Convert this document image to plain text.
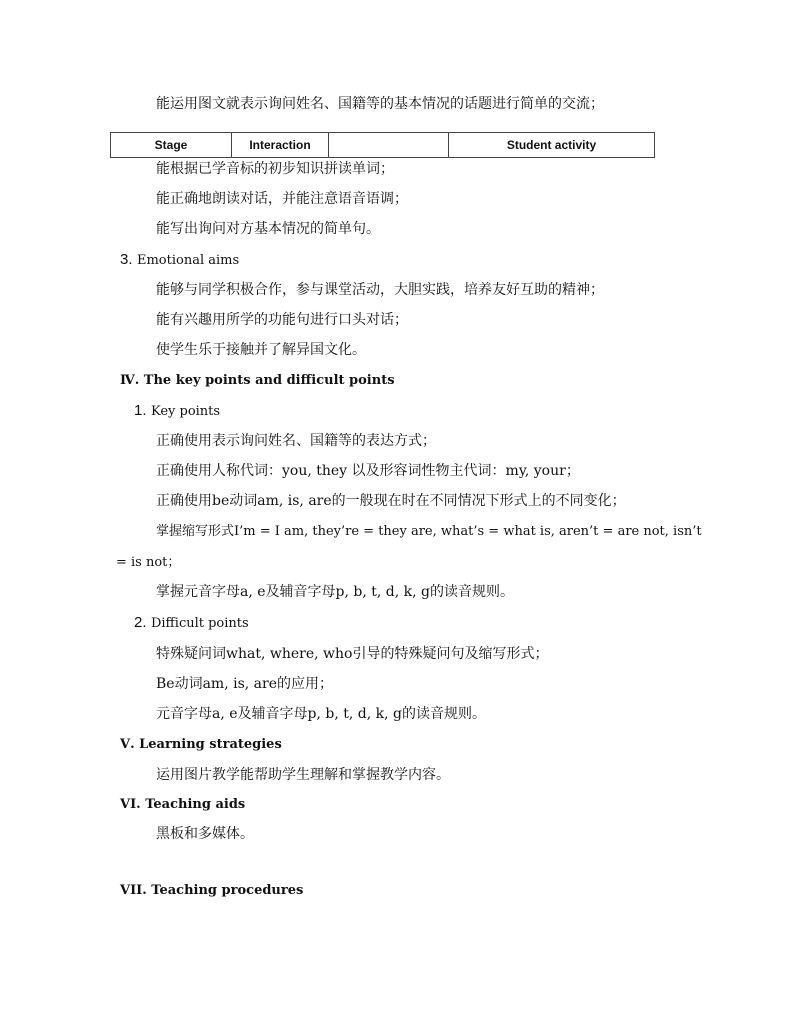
能运用图文就表示询问姓名、国籍等的基本情况的话题进行简单的交流；
Stage	Interaction		Student activity
能根据已学音标的初步知识拼读单词；
能正确地朗读对话，并能注意语音语调；
能写出询问对方基本情况的简单句。
3. Emotional aims
能够与同学积极合作，参与课堂活动，大胆实践，培养友好互助的精神；
能有兴趣用所学的功能句进行口头对话；
使学生乐于接触并了解异国文化。
Ⅳ. The key points and difficult points
1. Key points
正确使用表示询问姓名、国籍等的表达方式；
正确使用人称代词：you, they 以及形容词性物主代词：my, your；
正确使用be动词am, is, are的一般现在时在不同情况下形式上的不同变化；
掌握缩写形式I’m = I am, they’re = they are, what’s = what is, aren’t = are not, isn’t
= is not；
掌握元音字母a, e及辅音字母p, b, t, d, k, g的读音规则。
2. Difficult points
特殊疑问词what, where, who引导的特殊疑问句及缩写形式；
Be动词am, is, are的应用；
元音字母a, e及辅音字母p, b, t, d, k, g的读音规则。
Ⅴ. Learning strategies
运用图片教学能帮助学生理解和掌握教学内容。
VI. Teaching aids
黑板和多媒体。
VII. Teaching procedures
